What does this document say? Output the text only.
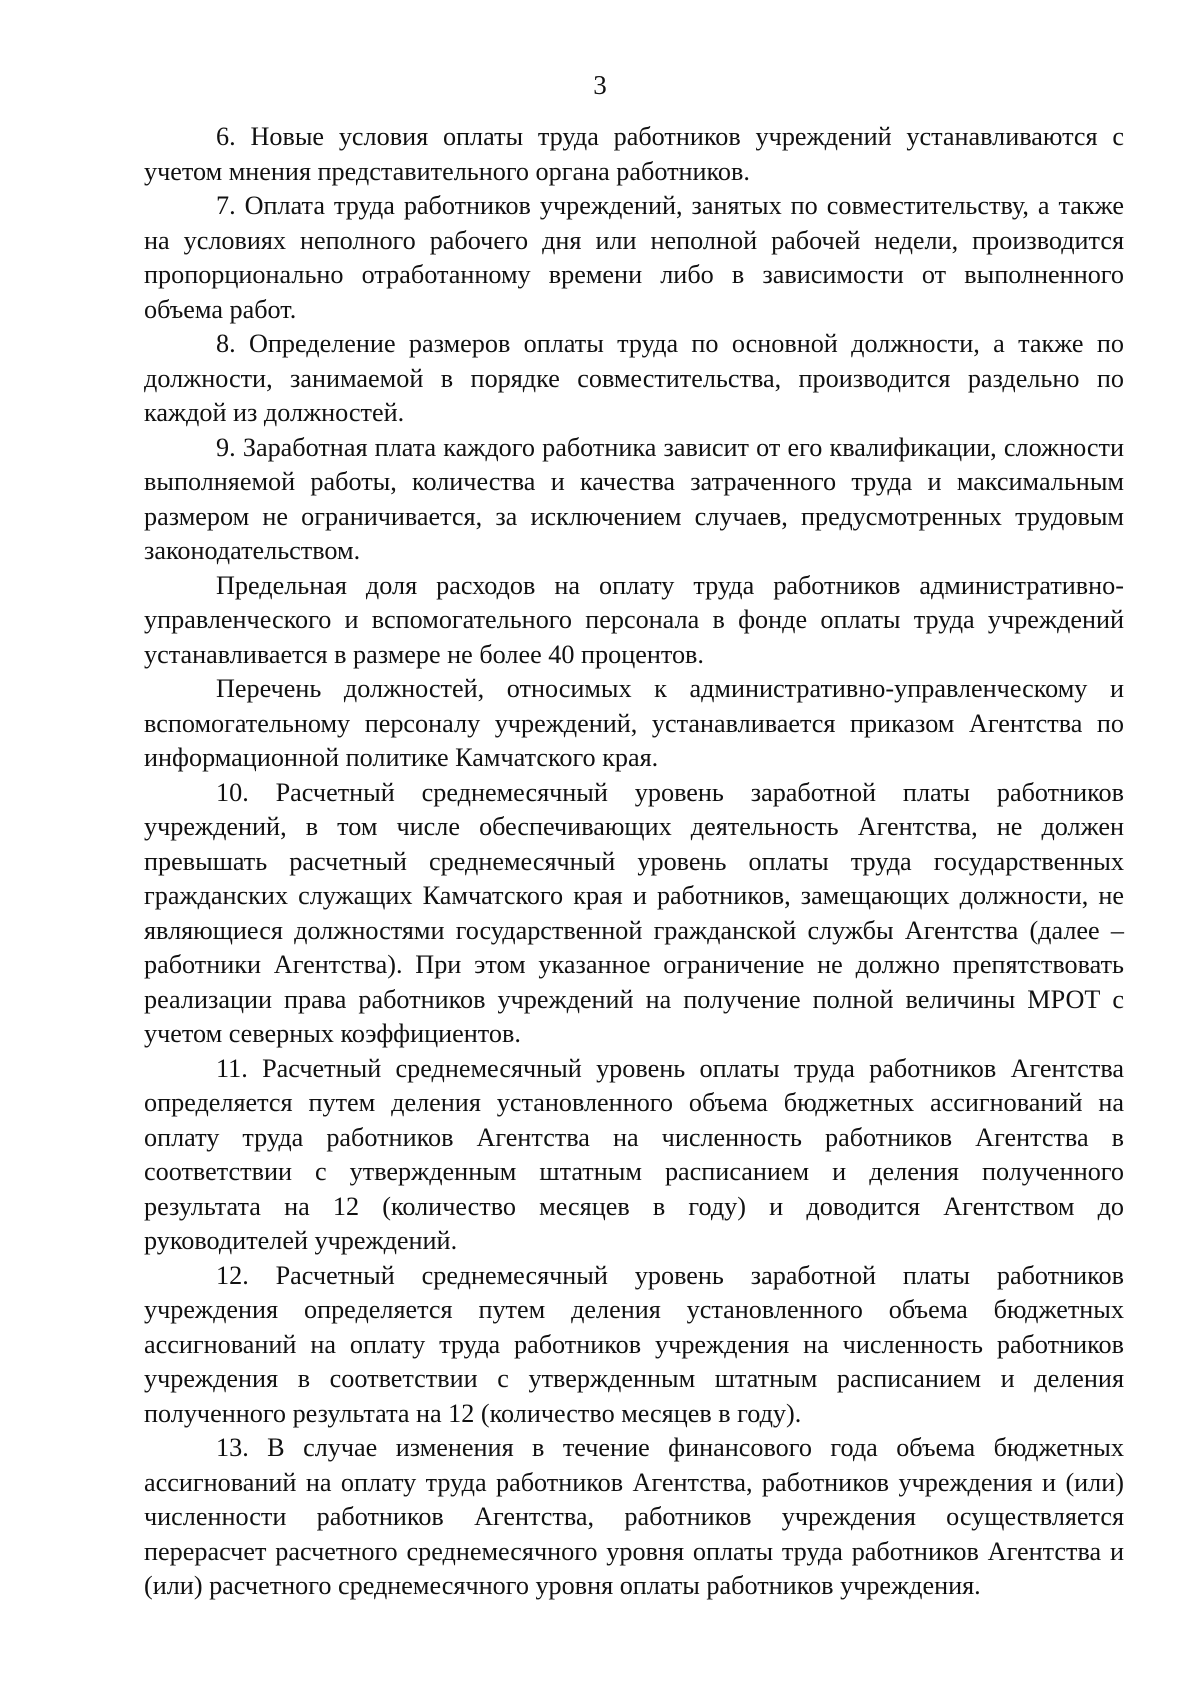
3

6. Новые условия оплаты труда работников учреждений устанавливаются с учетом мнения представительного органа работников.

7. Оплата труда работников учреждений, занятых по совместительству, а также на условиях неполного рабочего дня или неполной рабочей недели, производится пропорционально отработанному времени либо в зависимости от выполненного объема работ.

8. Определение размеров оплаты труда по основной должности, а также по должности, занимаемой в порядке совместительства, производится раздельно по каждой из должностей.

9. Заработная плата каждого работника зависит от его квалификации, сложности выполняемой работы, количества и качества затраченного труда и максимальным размером не ограничивается, за исключением случаев, предусмотренных трудовым законодательством.

Предельная доля расходов на оплату труда работников административно-управленческого и вспомогательного персонала в фонде оплаты труда учреждений устанавливается в размере не более 40 процентов.

Перечень должностей, относимых к административно-управленческому и вспомогательному персоналу учреждений, устанавливается приказом Агентства по информационной политике Камчатского края.

10. Расчетный среднемесячный уровень заработной платы работников учреждений, в том числе обеспечивающих деятельность Агентства, не должен превышать расчетный среднемесячный уровень оплаты труда государственных гражданских служащих Камчатского края и работников, замещающих должности, не являющиеся должностями государственной гражданской службы Агентства (далее – работники Агентства). При этом указанное ограничение не должно препятствовать реализации права работников учреждений на получение полной величины МРОТ с учетом северных коэффициентов.

11. Расчетный среднемесячный уровень оплаты труда работников Агентства определяется путем деления установленного объема бюджетных ассигнований на оплату труда работников Агентства на численность работников Агентства в соответствии с утвержденным штатным расписанием и деления полученного результата на 12 (количество месяцев в году) и доводится Агентством до руководителей учреждений.

12. Расчетный среднемесячный уровень заработной платы работников учреждения определяется путем деления установленного объема бюджетных ассигнований на оплату труда работников учреждения на численность работников учреждения в соответствии с утвержденным штатным расписанием и деления полученного результата на 12 (количество месяцев в году).

13. В случае изменения в течение финансового года объема бюджетных ассигнований на оплату труда работников Агентства, работников учреждения и (или) численности работников Агентства, работников учреждения осуществляется перерасчет расчетного среднемесячного уровня оплаты труда работников Агентства и (или) расчетного среднемесячного уровня оплаты работников учреждения.
